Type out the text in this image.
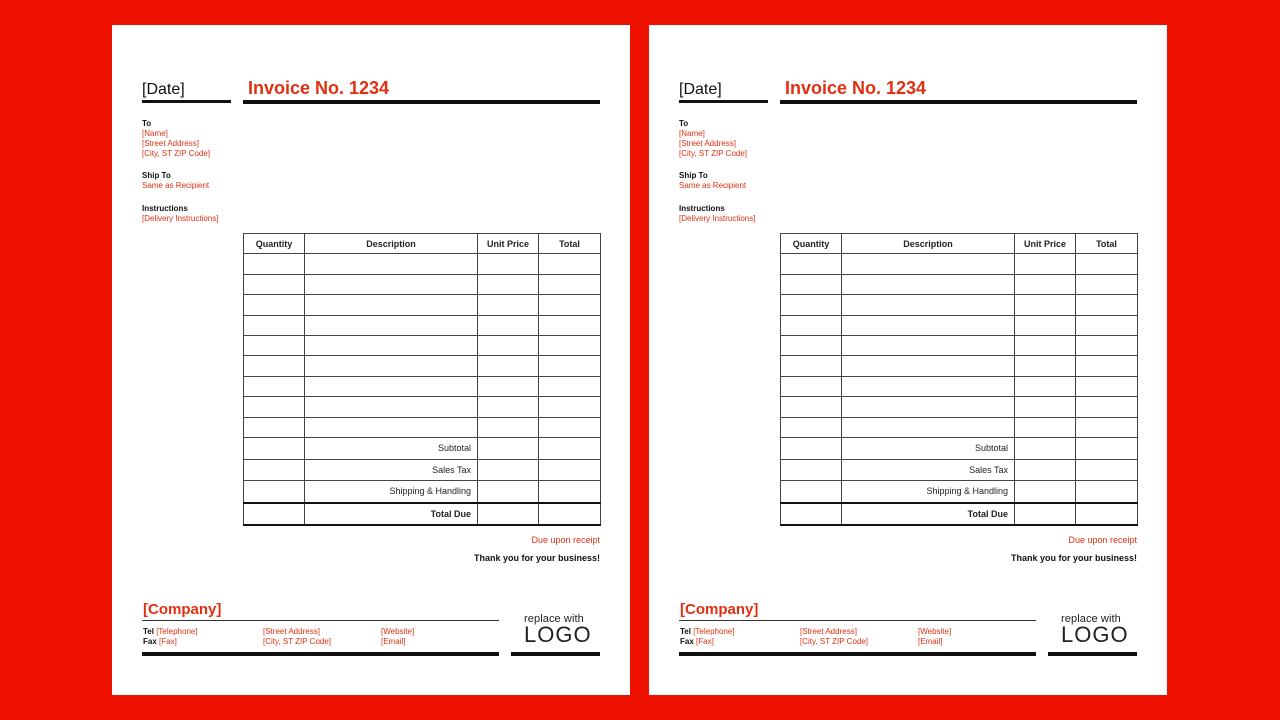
[Date]	Invoice No. 1234
To
[Name]
[Street Address]
[City, ST ZIP Code]
Ship To
Same as Recipient
Instructions
[Delivery Instructions]
Quantity	Description	Unit Price	Total

	Subtotal		
	Sales Tax		
	Shipping & Handling		
	Total Due		
Due upon receipt
Thank you for your business!
[Company]
Tel [Telephone]
Fax [Fax]
[Street Address]
[City, ST ZIP Code]
[Website]
[Email]
replace with
LOGO
[Date]	Invoice No. 1234
To
[Name]
[Street Address]
[City, ST ZIP Code]
Ship To
Same as Recipient
Instructions
[Delivery Instructions]
Quantity	Description	Unit Price	Total

	Subtotal		
	Sales Tax		
	Shipping & Handling		
	Total Due		
Due upon receipt
Thank you for your business!
[Company]
Tel [Telephone]
Fax [Fax]
[Street Address]
[City, ST ZIP Code]
[Website]
[Email]
replace with
LOGO
